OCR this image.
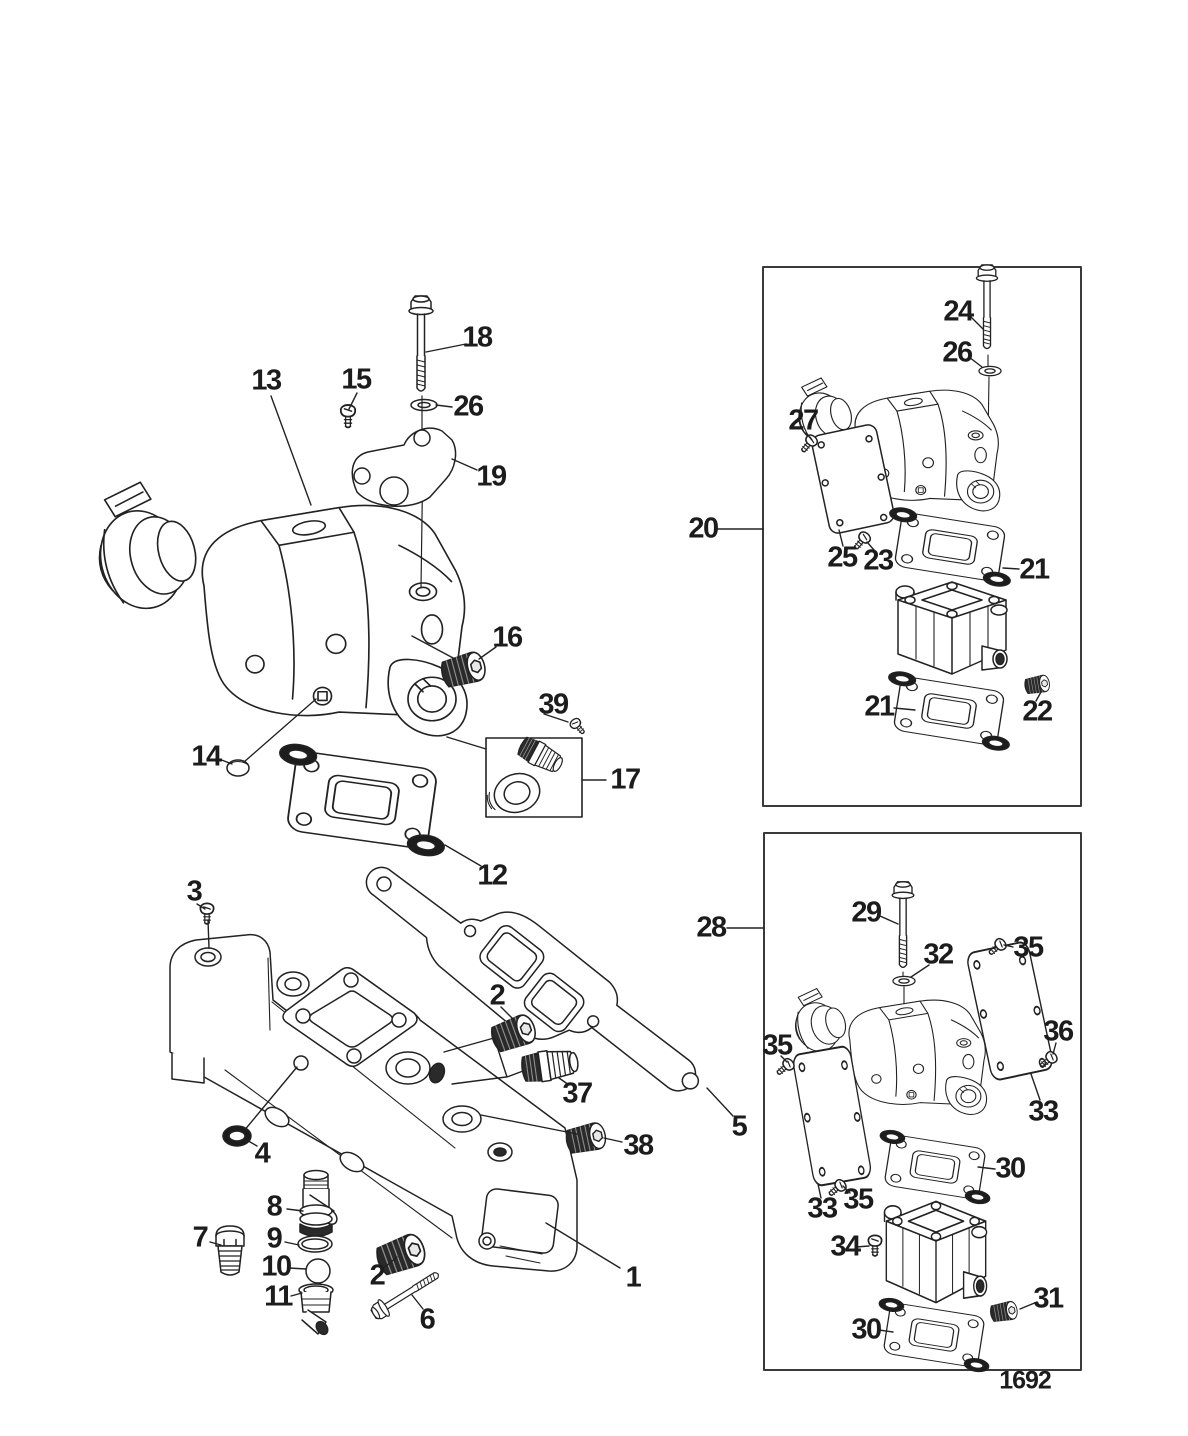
18
15
13
26
19
16
39
14
17
12
3
2
37
5
38
4
8
7 9
10	2	1
11
6
20
24
26
27
25 23	21
21	22
28	29
32 35
35	36
33
30
35
33
34
31
30
1692
